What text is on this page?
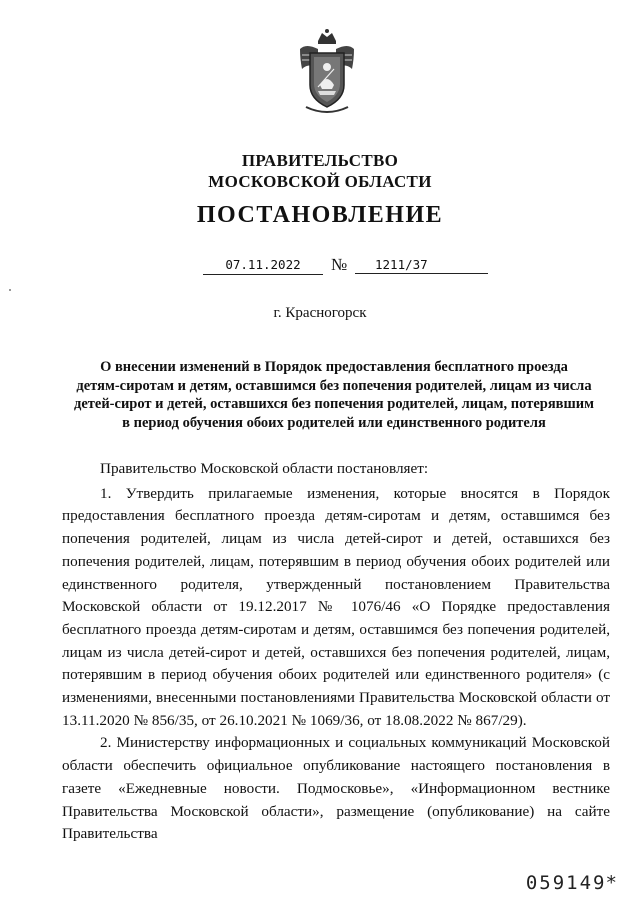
ПРАВИТЕЛЬСТВО
МОСКОВСКОЙ ОБЛАСТИ
ПОСТАНОВЛЕНИЕ
07.11.2022	№	1211/37
г. Красногорск
О внесении изменений в Порядок предоставления бесплатного проезда
детям-сиротам и детям, оставшимся без попечения родителей, лицам из числа
детей-сирот и детей, оставшихся без попечения родителей, лицам, потерявшим
в период обучения обоих родителей или единственного родителя

Правительство Московской области постановляет:

1. Утвердить прилагаемые изменения, которые вносятся в Порядок предоставления бесплатного проезда детям-сиротам и детям, оставшимся без попечения родителей, лицам из числа детей-сирот и детей, оставшихся без попечения родителей, лицам, потерявшим в период обучения обоих родителей или единственного родителя, утвержденный постановлением Правительства Московской области от 19.12.2017 № 1076/46 «О Порядке предоставления бесплатного проезда детям-сиротам и детям, оставшимся без попечения родителей, лицам из числа детей-сирот и детей, оставшихся без попечения родителей, лицам, потерявшим в период обучения обоих родителей или единственного родителя» (с изменениями, внесенными постановлениями Правительства Московской области от 13.11.2020 № 856/35, от 26.10.2021 № 1069/36, от 18.08.2022 № 867/29).

2. Министерству информационных и социальных коммуникаций Московской области обеспечить официальное опубликование настоящего постановления в газете «Ежедневные новости. Подмосковье», «Информационном вестнике Правительства Московской области», размещение (опубликование) на сайте Правительства

059149*
